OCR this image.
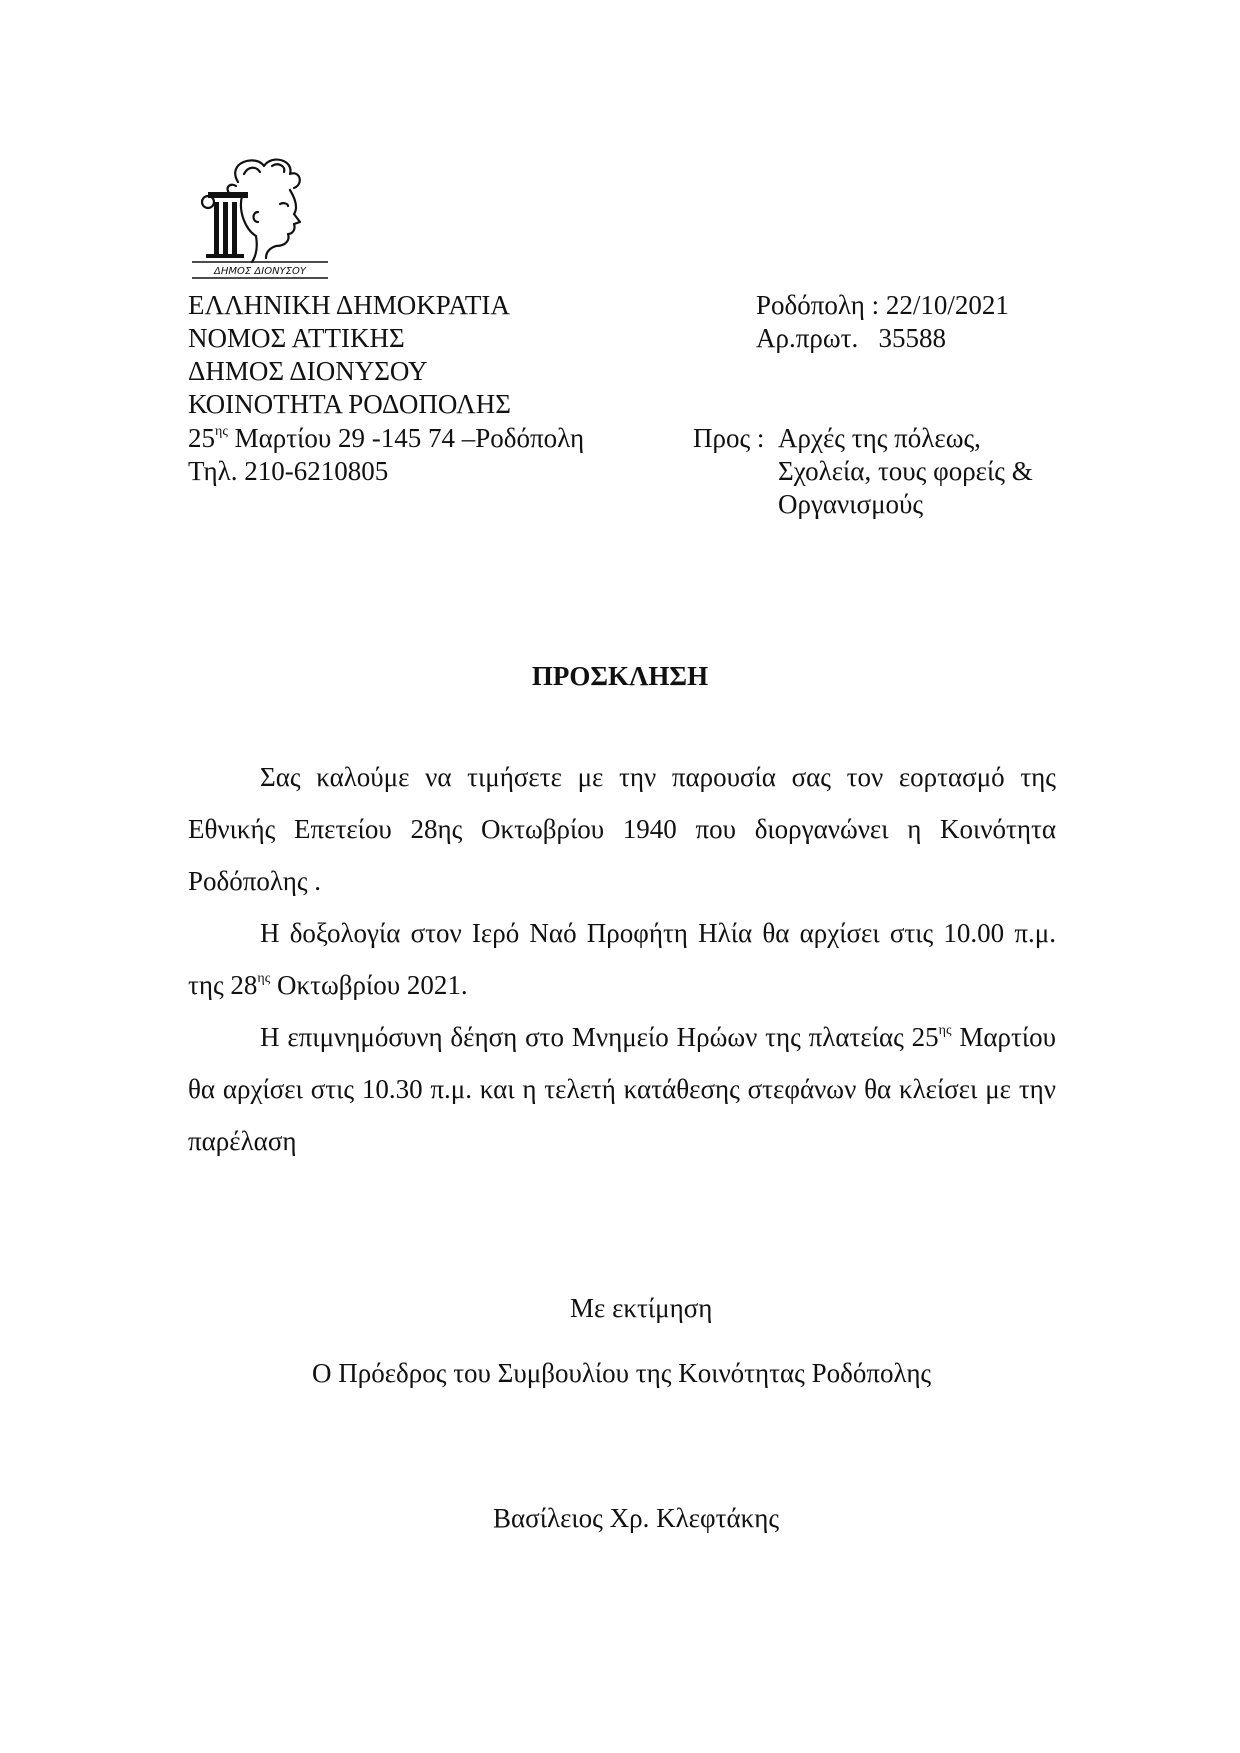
ΔΗΜΟΣ ΔΙΟΝΥΣΟΥ
ΕΛΛΗΝΙΚΗ ΔΗΜΟΚΡΑΤΙΑ
ΝΟΜΟΣ ΑΤΤΙΚΗΣ
ΔΗΜΟΣ ΔΙΟΝΥΣΟΥ
ΚΟΙΝΟΤΗΤΑ ΡΟΔΟΠΟΛΗΣ
$25^{\eta\varsigma}$ Μαρτίου 29 -145 74 –Ροδόπολη
Τηλ. 210-6210805
Ροδόπολη : 22/10/2021
Αρ.πρωτ. 35588
Προς : Αρχές της πόλεως,
Σχολεία, τους φορείς &
Οργανισμούς
ΠΡΟΣΚΛΗΣΗ
Σας καλούμε να τιμήσετε με την παρουσία σας τον εορτασμό της Εθνικής Επετείου 28ης Οκτωβρίου 1940 που διοργανώνει η Κοινότητα Ροδόπολης .
Η δοξολογία στον Ιερό Ναό Προφήτη Ηλία θα αρχίσει στις 10.00 π.μ. της $28^{\eta\varsigma}$ Οκτωβρίου 2021.
Η επιμνημόσυνη δέηση στο Μνημείο Ηρώων της πλατείας $25^{\eta\varsigma}$ Μαρτίου θα αρχίσει στις 10.30 π.μ. και η τελετή κατάθεσης στεφάνων θα κλείσει με την παρέλαση
Με εκτίμηση
Ο Πρόεδρος του Συμβουλίου της Κοινότητας Ροδόπολης
Βασίλειος Χρ. Κλεφτάκης
